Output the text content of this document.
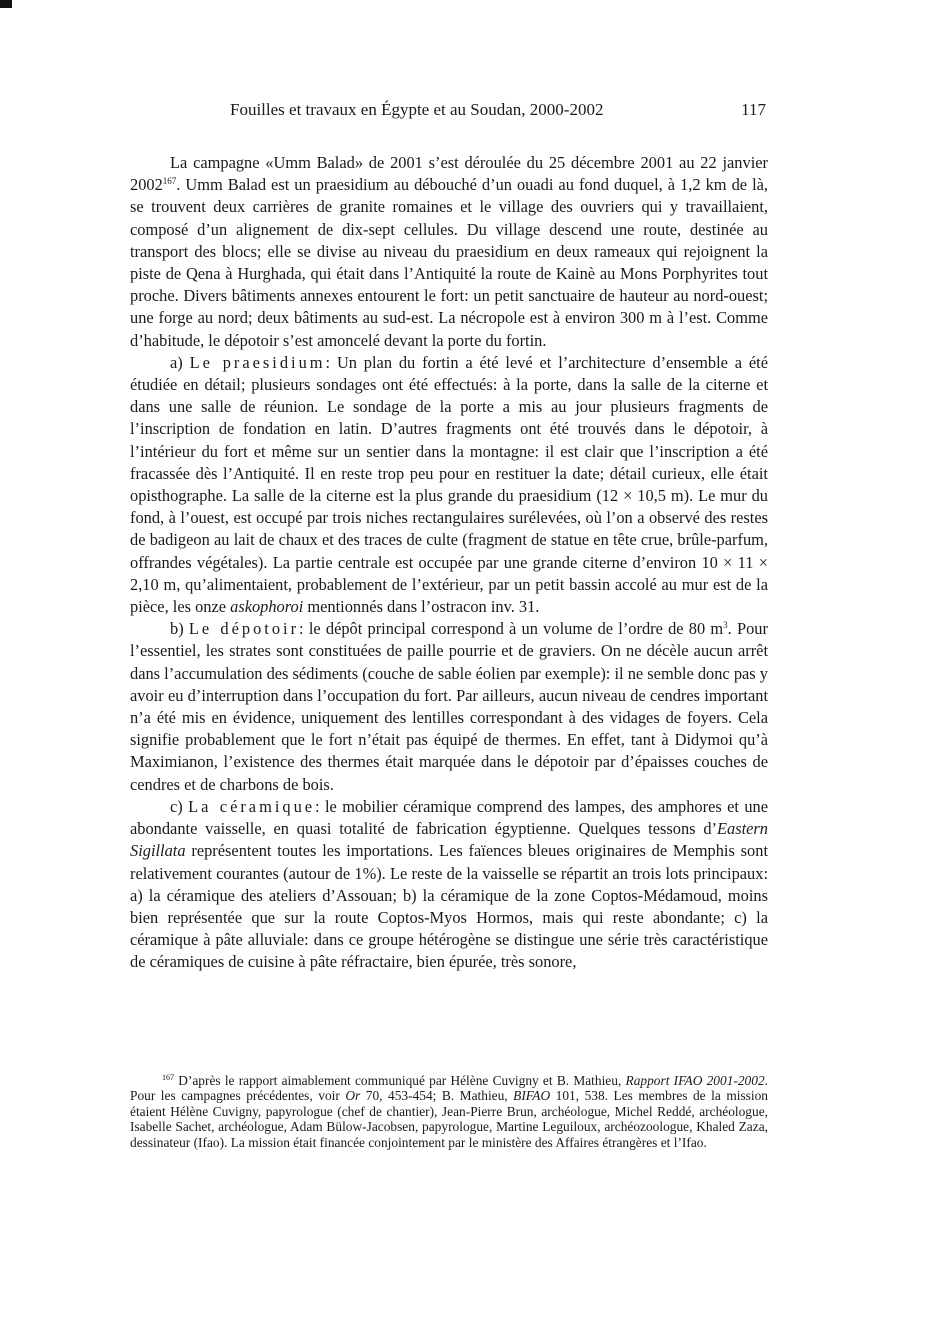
Fouilles et travaux en Égypte et au Soudan, 2000-2002	117

La campagne «Umm Balad» de 2001 s’est déroulée du 25 décembre 2001 au 22 janvier 2002$^{167}$. Umm Balad est un praesidium au débouché d’un ouadi au fond duquel, à 1,2 km de là, se trouvent deux carrières de granite romaines et le village des ouvriers qui y travaillaient, composé d’un alignement de dix-sept cellules. Du village descend une route, destinée au transport des blocs; elle se divise au niveau du praesidium en deux rameaux qui rejoignent la piste de Qena à Hurghada, qui était dans l’Antiquité la route de Kainè au Mons Porphyrites tout proche. Divers bâtiments annexes entourent le fort: un petit sanctuaire de hauteur au nord-ouest; une forge au nord; deux bâtiments au sud-est. La nécropole est à environ 300 m à l’est. Comme d’habitude, le dépotoir s’est amoncelé devant la porte du fortin.

a) Le praesidium: Un plan du fortin a été levé et l’architecture d’ensemble a été étudiée en détail; plusieurs sondages ont été effectués: à la porte, dans la salle de la citerne et dans une salle de réunion. Le sondage de la porte a mis au jour plusieurs fragments de l’inscription de fondation en latin. D’autres fragments ont été trouvés dans le dépotoir, à l’intérieur du fort et même sur un sentier dans la montagne: il est clair que l’inscription a été fracassée dès l’Antiquité. Il en reste trop peu pour en restituer la date; détail curieux, elle était opisthographe. La salle de la citerne est la plus grande du praesidium (12 × 10,5 m). Le mur du fond, à l’ouest, est occupé par trois niches rectangulaires surélevées, où l’on a observé des restes de badigeon au lait de chaux et des traces de culte (fragment de statue en tête crue, brûle-parfum, offrandes végétales). La partie centrale est occupée par une grande citerne d’environ 10 × 11 × 2,10 m, qu’alimentaient, probablement de l’extérieur, par un petit bassin accolé au mur est de la pièce, les onze askophoroi mentionnés dans l’ostracon inv. 31.

b) Le dépotoir: le dépôt principal correspond à un volume de l’ordre de 80 $m^3$. Pour l’essentiel, les strates sont constituées de paille pourrie et de graviers. On ne décèle aucun arrêt dans l’accumulation des sédiments (couche de sable éolien par exemple): il ne semble donc pas y avoir eu d’interruption dans l’occupation du fort. Par ailleurs, aucun niveau de cendres important n’a été mis en évidence, uniquement des lentilles correspondant à des vidages de foyers. Cela signifie probablement que le fort n’était pas équipé de thermes. En effet, tant à Didymoi qu’à Maximianon, l’existence des thermes était marquée dans le dépotoir par d’épaisses couches de cendres et de charbons de bois.

c) La céramique: le mobilier céramique comprend des lampes, des amphores et une abondante vaisselle, en quasi totalité de fabrication égyptienne. Quelques tessons d’Eastern Sigillata représentent toutes les importations. Les faïences bleues originaires de Memphis sont relativement courantes (autour de 1%). Le reste de la vaisselle se répartit an trois lots principaux: a) la céramique des ateliers d’Assouan; b) la céramique de la zone Coptos-Médamoud, moins bien représentée que sur la route Coptos-Myos Hormos, mais qui reste abondante; c) la céramique à pâte alluviale: dans ce groupe hétérogène se distingue une série très caractéristique de céramiques de cuisine à pâte réfractaire, bien épurée, très sonore,

$^{167}$ D’après le rapport aimablement communiqué par Hélène Cuvigny et B. Mathieu, Rapport IFAO 2001-2002. Pour les campagnes précédentes, voir Or 70, 453-454; B. Mathieu, BIFAO 101, 538. Les membres de la mission étaient Hélène Cuvigny, papyrologue (chef de chantier), Jean-Pierre Brun, archéologue, Michel Reddé, archéologue, Isabelle Sachet, archéologue, Adam Bülow-Jacobsen, papyrologue, Martine Leguiloux, archéozoologue, Khaled Zaza, dessinateur (Ifao). La mission était financée conjointement par le ministère des Affaires étrangères et l’Ifao.
